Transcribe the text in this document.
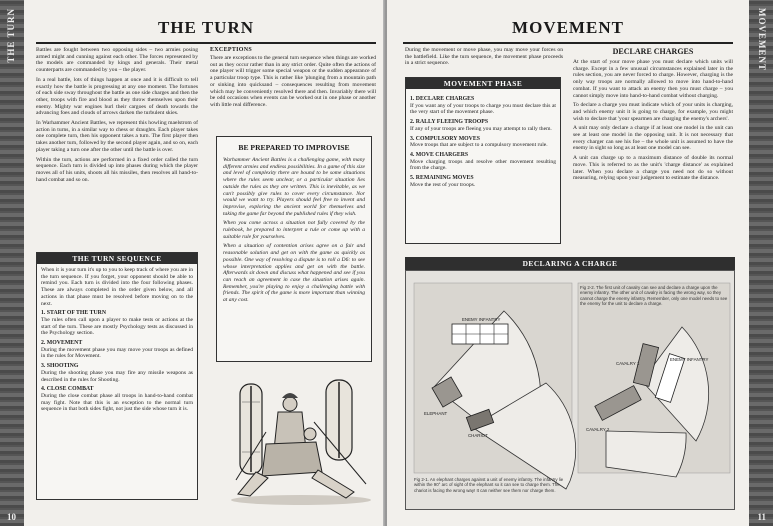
THE TURN
10
THE TURN

Battles are fought between two opposing sides – two armies posing armed might and cunning against each other. The forces represented by the models are commanded by kings and generals. Their metal counterparts are commanded by you – the player.

In a real battle, lots of things happen at once and it is difficult to tell exactly how the battle is progressing at any one moment. The fortunes of each side sway throughout the battle as one side charges and then the other, troops with fire and blood as they throw themselves upon their enemy. Mighty war engines hurl their cargoes of death towards the advancing foes and clouds of arrows darken the turbulent skies.

In Warhammer Ancient Battles, we represent this howling maelstrom of action in turns, in a similar way to chess or draughts. Each player takes one complete turn, then his opponent takes a turn. The first player then takes another turn, followed by the second player again, and so on, each player taking a turn one after the other until the battle is over.

Within the turn, actions are performed in a fixed order called the turn sequence. Each turn is divided up into phases during which the player moves all of his units, shoots all his missiles, then resolves all hand-to-hand combat and so on.

THE TURN SEQUENCE

When it is your turn it's up to you to keep track of where you are in the turn sequence. If you forget, your opponent should be able to remind you. Each turn is divided into the four following phases. These are always completed in the order given below, and all actions in that phase must be resolved before moving on to the next.

1. START OF THE TURN

The rules often call upon a player to make tests or actions at the start of the turn. These are mostly Psychology tests as discussed in the Psychology section.

2. MOVEMENT

During the movement phase you may move your troops as defined in the rules for Movement.

3. SHOOTING

During the shooting phase you may fire any missile weapons as described in the rules for Shooting.

4. CLOSE COMBAT

During the close combat phase all troops in hand-to-hand combat may fight. Note that this is an exception to the normal turn sequence in that both sides fight, not just the side whose turn it is.

EXCEPTIONS
There are exceptions to the general turn sequence when things are worked out as they occur rather than in any strict order. Quite often the actions of one player will trigger some special weapon or the sudden appearance of a particular troop type. This is rather like 'plunging from a mountain path or sinking into quicksand – consequences resulting from movement which may be conveniently resolved there and then. Invariably there will be odd occasions when events can be worked out in one phase or another with little real difference.
BE PREPARED TO IMPROVISE

Warhammer Ancient Battles is a challenging game, with many different armies and endless possibilities. In a game of this size and level of complexity there are bound to be some situations where the rules seem unclear, or a particular situation lies outside the rules as they are written. This is inevitable, as we can't possibly give rules to cover every circumstance. Nor would we want to try. Players should feel free to invent and improvise, exploring the ancient world for themselves and taking the game far beyond the published rules if they wish.

When you come across a situation not fully covered by the rulebook, be prepared to interpret a rule or come up with a suitable rule for yourselves.

When a situation of contention arises agree on a fair and reasonable solution and get on with the game as quickly as possible. One way of resolving a dispute is to roll a D6: to see whose interpretation applies and get on with the battle. Afterwards sit down and discuss what happened and see if you can reach an agreement in case the situation arises again. Remember, you're playing to enjoy a challenging battle with friends. The spirit of the game is more important than winning at any cost.

MOVEMENT
11
MOVEMENT
During the movement or move phase, you may move your forces on the battlefield. Like the turn sequence, the movement phase proceeds in a strict sequence.
MOVEMENT PHASE

1. DECLARE CHARGES

If you want any of your troops to charge you must declare this at the very start of the movement phase.

2. RALLY FLEEING TROOPS

If any of your troops are fleeing you may attempt to rally them.

3. COMPULSORY MOVES

Move troops that are subject to a compulsory movement rule.

4. MOVE CHARGERS

Move charging troops and resolve other movement resulting from the charge.

5. REMAINING MOVES

Move the rest of your troops.

DECLARE CHARGES

At the start of your move phase you must declare which units will charge. Except in a few unusual circumstances explained later in the rules section, you are never forced to charge. However, charging is the only way troops are normally allowed to move into hand-to-hand combat. If you want to attack an enemy then you must charge – you cannot simply move into hand-to-hand combat without charging.

To declare a charge you must indicate which of your units is charging, and which enemy unit it is going to charge, for example, you might wish to declare that 'your spearmen are charging the enemy's archers'.

A unit may only declare a charge if at least one model in the unit can see at least one model in the opposing unit. It is not necessary that every charger can see his foe – the whole unit is assumed to have the enemy in sight so long as at least one model can see.

A unit can charge up to a maximum distance of double its normal move. This is referred to as the unit's 'charge distance' as explained later. When you declare a charge you need not do so without measuring, relying upon your judgement to estimate the distance.

DECLARING A CHARGE
ENEMY INFANTRY
ELEPHANT
CHARIOT
ENEMY INFANTRY
CAVALRY 1
CAVALRY 2
Fig 2-1. An elephant charges against a unit of enemy infantry. The infantry lie within the 90° arc of sight of the elephant so it can see to charge them. The chariot is facing the wrong way! It can neither see them nor charge them.
Fig 2-2. The first unit of cavalry can see and declare a charge upon the enemy infantry. The other unit of cavalry is facing the wrong way, so they cannot charge the enemy infantry. Remember, only one model needs to see the enemy for the unit to declare a charge.
